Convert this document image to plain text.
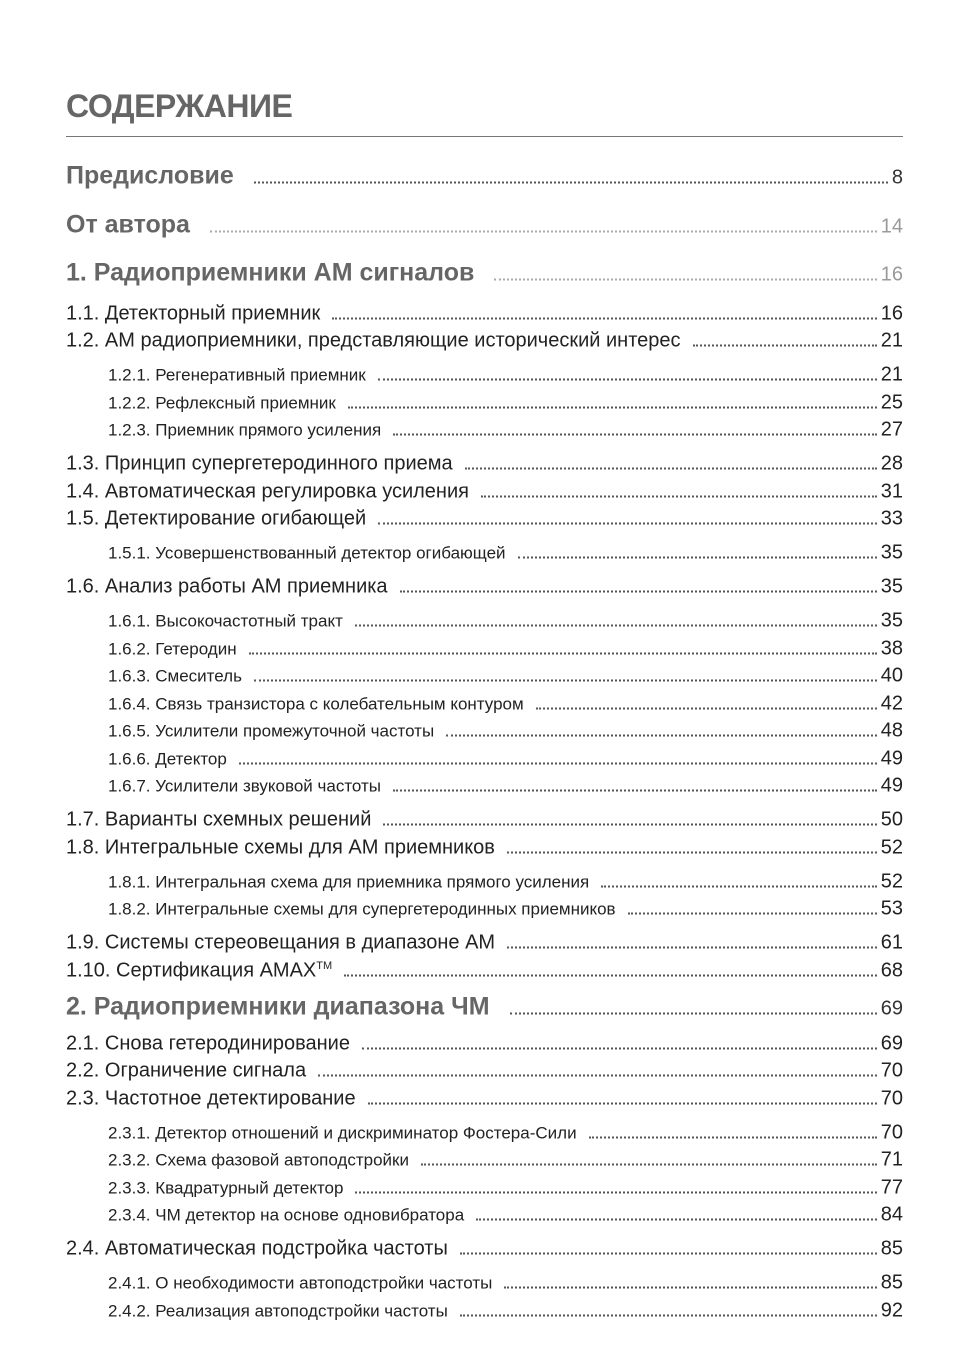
СОДЕРЖАНИЕ
Предисловие	8
От автора	14
1. Радиоприемники АМ сигналов	16
1.1. Детекторный приемник	16
1.2. АМ радиоприемники, представляющие исторический интерес	21
1.2.1. Регенеративный приемник	21
1.2.2. Рефлексный приемник	25
1.2.3. Приемник прямого усиления	27
1.3. Принцип супергетеродинного приема	28
1.4. Автоматическая регулировка усиления	31
1.5. Детектирование огибающей	33
1.5.1. Усовершенствованный детектор огибающей	35
1.6. Анализ работы АМ приемника	35
1.6.1. Высокочастотный тракт	35
1.6.2. Гетеродин	38
1.6.3. Смеситель	40
1.6.4. Связь транзистора с колебательным контуром	42
1.6.5. Усилители промежуточной частоты	48
1.6.6. Детектор	49
1.6.7. Усилители звуковой частоты	49
1.7. Варианты схемных решений	50
1.8. Интегральные схемы для АМ приемников	52
1.8.1. Интегральная схема для приемника прямого усиления	52
1.8.2. Интегральные схемы для супергетеродинных приемников	53
1.9. Системы стереовещания в диапазоне АМ	61
1.10. Сертификация AMAX™	68
2. Радиоприемники диапазона ЧМ	69
2.1. Снова гетеродинирование	69
2.2. Ограничение сигнала	70
2.3. Частотное детектирование	70
2.3.1. Детектор отношений и дискриминатор Фостера-Сили	70
2.3.2. Схема фазовой автоподстройки	71
2.3.3. Квадратурный детектор	77
2.3.4. ЧМ детектор на основе одновибратора	84
2.4. Автоматическая подстройка частоты	85
2.4.1. О необходимости автоподстройки частоты	85
2.4.2. Реализация автоподстройки частоты	92
